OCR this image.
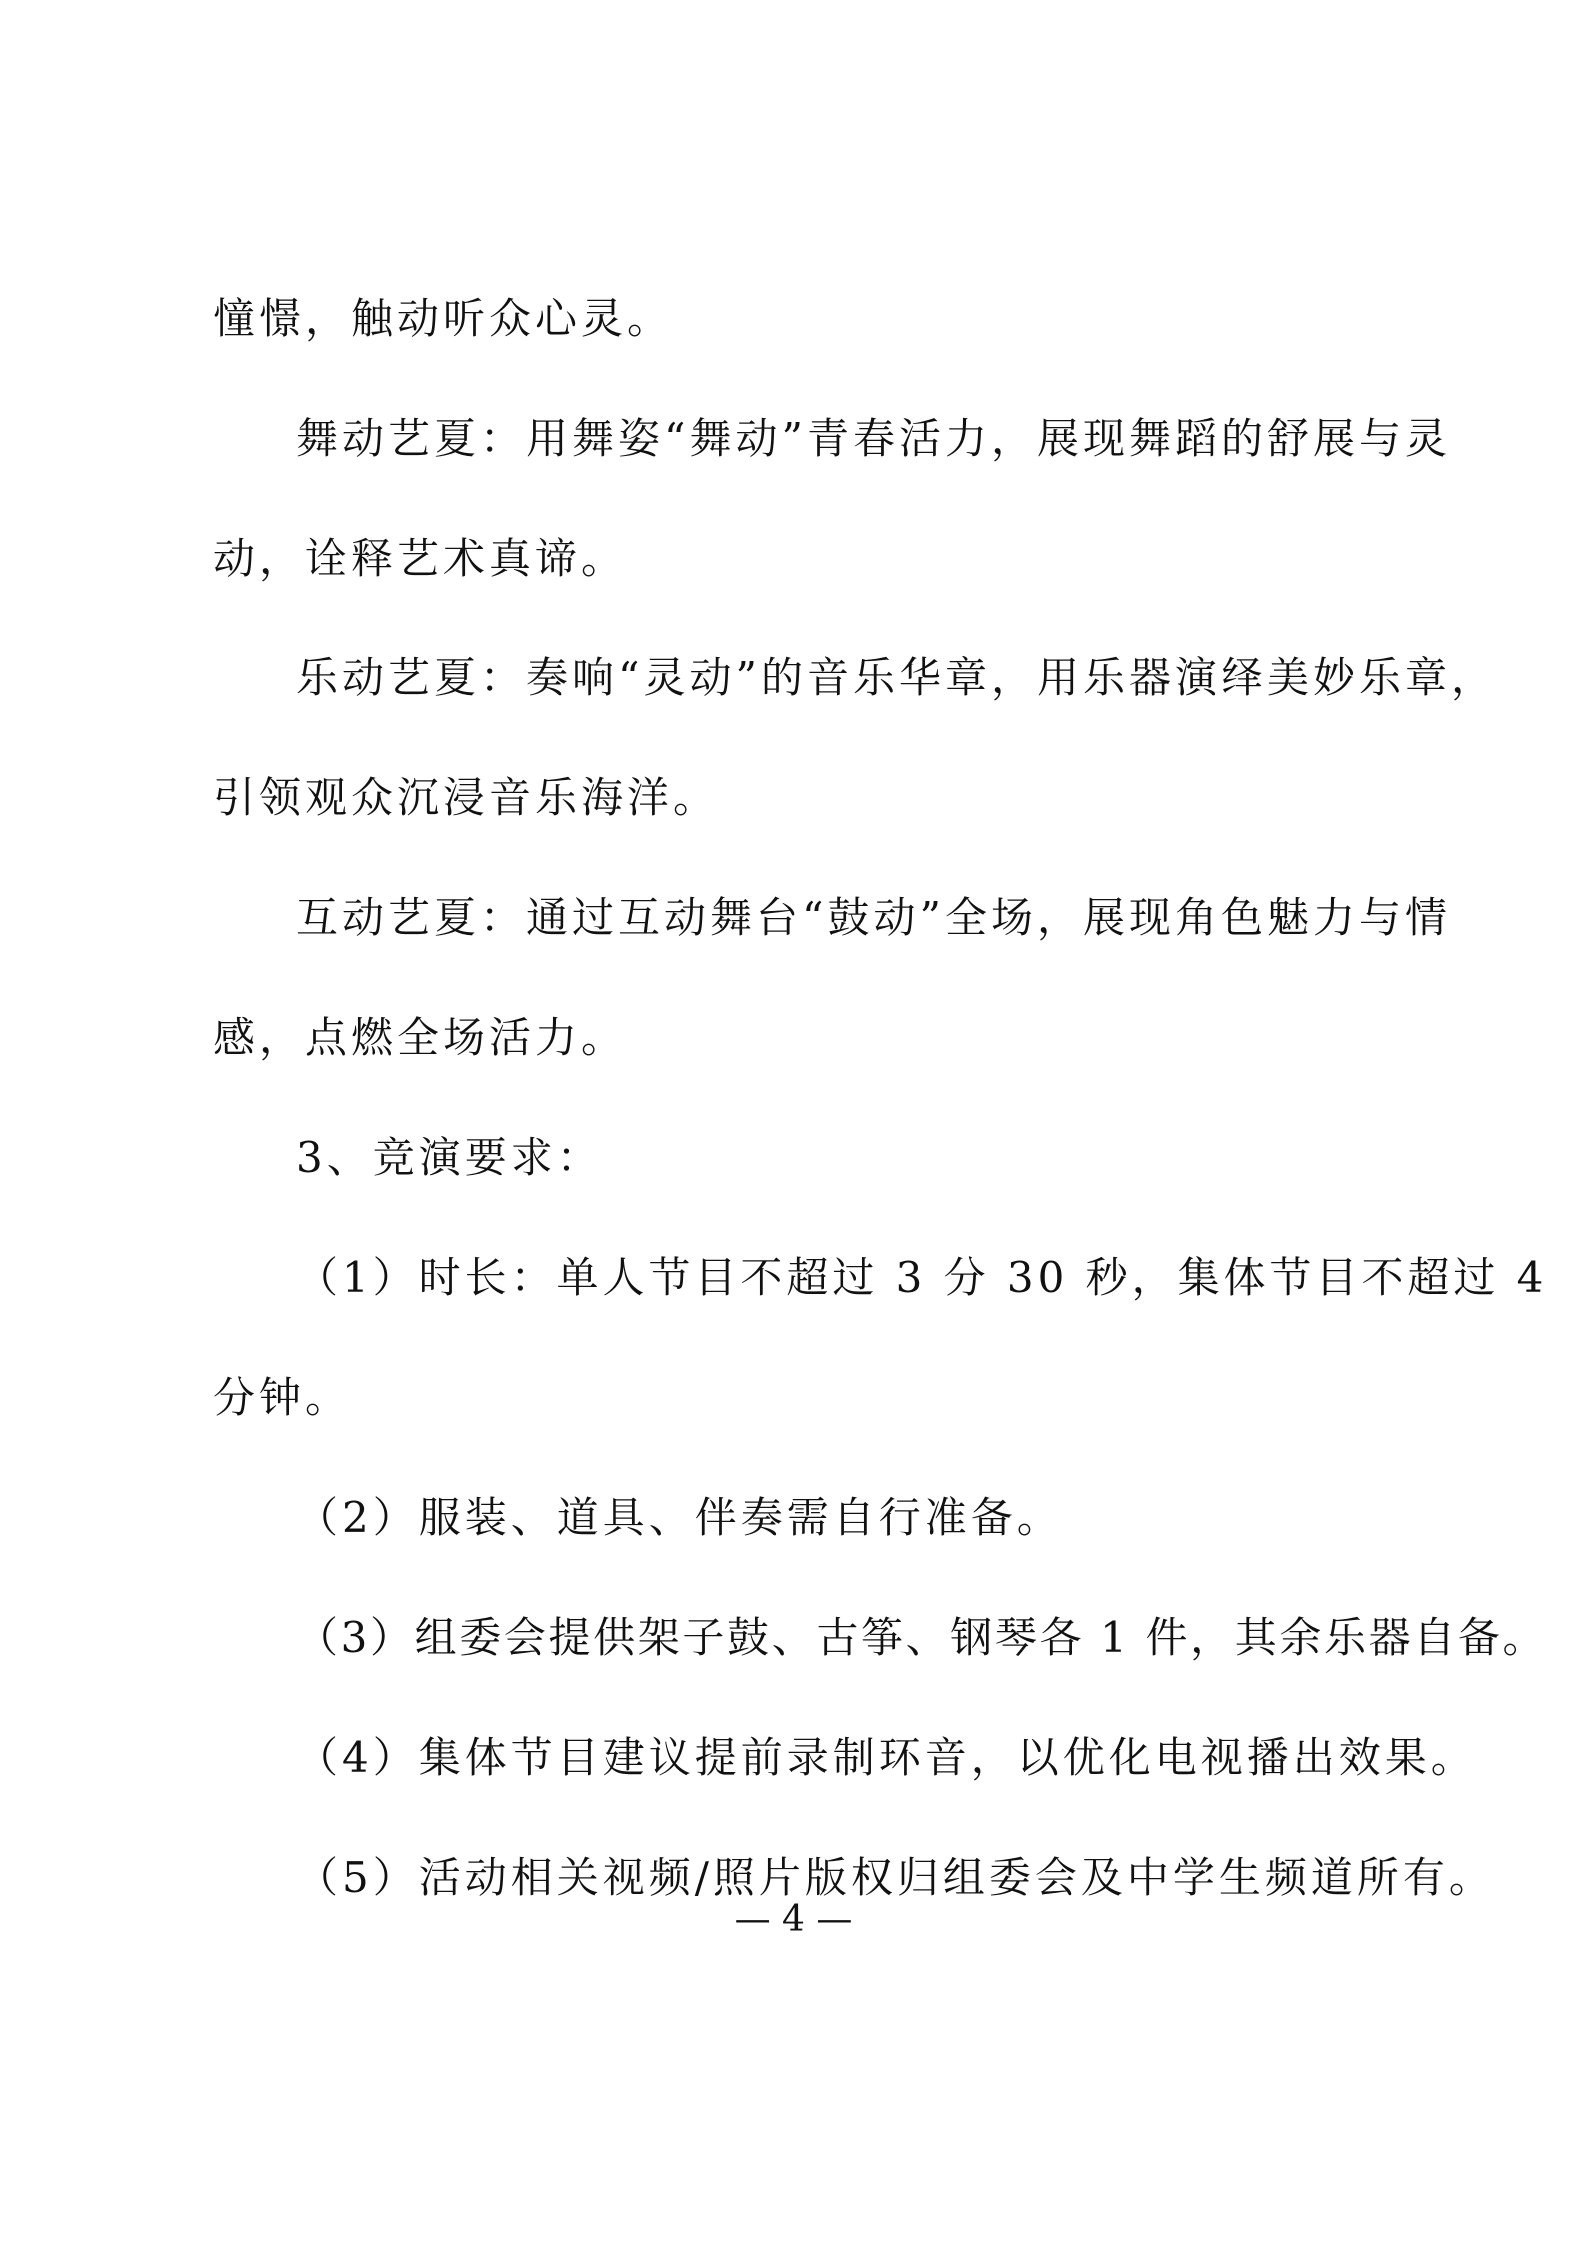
憧憬，触动听众心灵。
舞动艺夏：用舞姿“舞动”青春活力，展现舞蹈的舒展与灵
动，诠释艺术真谛。
乐动艺夏：奏响“灵动”的音乐华章，用乐器演绎美妙乐章，
引领观众沉浸音乐海洋。
互动艺夏：通过互动舞台“鼓动”全场，展现角色魅力与情
感，点燃全场活力。
3、竞演要求：
（1）时长：单人节目不超过 3 分 30 秒，集体节目不超过 4
分钟。
（2）服装、道具、伴奏需自行准备。
（3）组委会提供架子鼓、古筝、钢琴各 1 件，其余乐器自备。
（4）集体节目建议提前录制环音，以优化电视播出效果。
（5）活动相关视频/照片版权归组委会及中学生频道所有。
— 4 —
